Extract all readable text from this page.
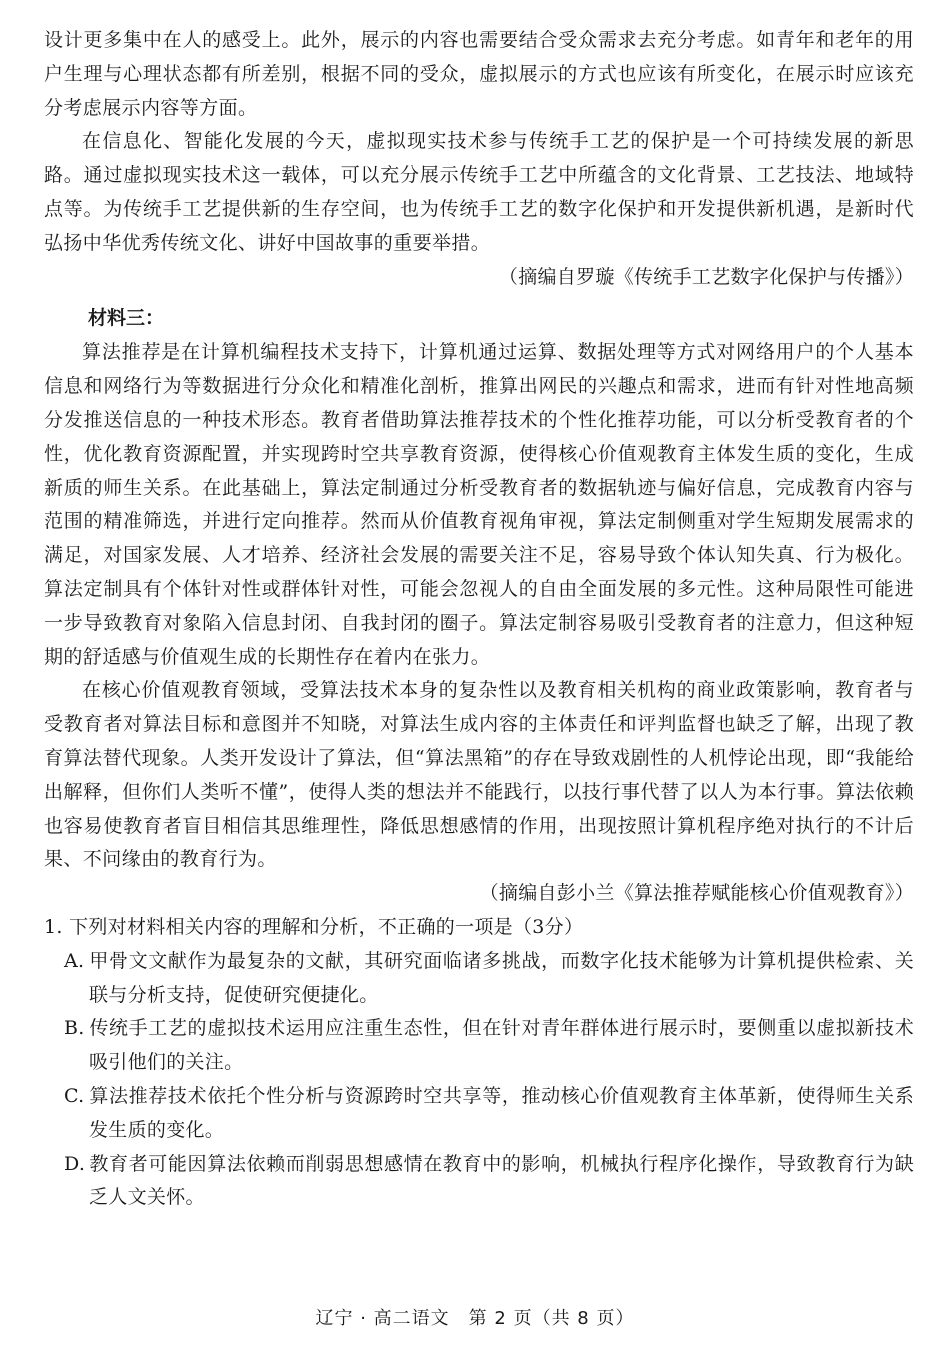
设计更多集中在人的感受上。此外，展示的内容也需要结合受众需求去充分考虑。如青年和老年的用户生理与心理状态都有所差别，根据不同的受众，虚拟展示的方式也应该有所变化，在展示时应该充分考虑展示内容等方面。

在信息化、智能化发展的今天，虚拟现实技术参与传统手工艺的保护是一个可持续发展的新思路。通过虚拟现实技术这一载体，可以充分展示传统手工艺中所蕴含的文化背景、工艺技法、地域特点等。为传统手工艺提供新的生存空间，也为传统手工艺的数字化保护和开发提供新机遇，是新时代弘扬中华优秀传统文化、讲好中国故事的重要举措。

（摘编自罗璇《传统手工艺数字化保护与传播》）

材料三：

算法推荐是在计算机编程技术支持下，计算机通过运算、数据处理等方式对网络用户的个人基本信息和网络行为等数据进行分众化和精准化剖析，推算出网民的兴趣点和需求，进而有针对性地高频分发推送信息的一种技术形态。教育者借助算法推荐技术的个性化推荐功能，可以分析受教育者的个性，优化教育资源配置，并实现跨时空共享教育资源，使得核心价值观教育主体发生质的变化，生成新质的师生关系。在此基础上，算法定制通过分析受教育者的数据轨迹与偏好信息，完成教育内容与范围的精准筛选，并进行定向推荐。然而从价值教育视角审视，算法定制侧重对学生短期发展需求的满足，对国家发展、人才培养、经济社会发展的需要关注不足，容易导致个体认知失真、行为极化。算法定制具有个体针对性或群体针对性，可能会忽视人的自由全面发展的多元性。这种局限性可能进一步导致教育对象陷入信息封闭、自我封闭的圈子。算法定制容易吸引受教育者的注意力，但这种短期的舒适感与价值观生成的长期性存在着内在张力。

在核心价值观教育领域，受算法技术本身的复杂性以及教育相关机构的商业政策影响，教育者与受教育者对算法目标和意图并不知晓，对算法生成内容的主体责任和评判监督也缺乏了解，出现了教育算法替代现象。人类开发设计了算法，但“算法黑箱”的存在导致戏剧性的人机悖论出现，即“我能给出解释，但你们人类听不懂”，使得人类的想法并不能践行，以技行事代替了以人为本行事。算法依赖也容易使教育者盲目相信其思维理性，降低思想感情的作用，出现按照计算机程序绝对执行的不计后果、不问缘由的教育行为。

（摘编自彭小兰《算法推荐赋能核心价值观教育》）

1. 下列对材料相关内容的理解和分析，不正确的一项是（3分）

A. 甲骨文文献作为最复杂的文献，其研究面临诸多挑战，而数字化技术能够为计算机提供检索、关联与分析支持，促使研究便捷化。

B. 传统手工艺的虚拟技术运用应注重生态性，但在针对青年群体进行展示时，要侧重以虚拟新技术吸引他们的关注。

C. 算法推荐技术依托个性分析与资源跨时空共享等，推动核心价值观教育主体革新，使得师生关系发生质的变化。

D. 教育者可能因算法依赖而削弱思想感情在教育中的影响，机械执行程序化操作，导致教育行为缺乏人文关怀。

辽宁 · 高二语文　第 2 页（共 8 页）
